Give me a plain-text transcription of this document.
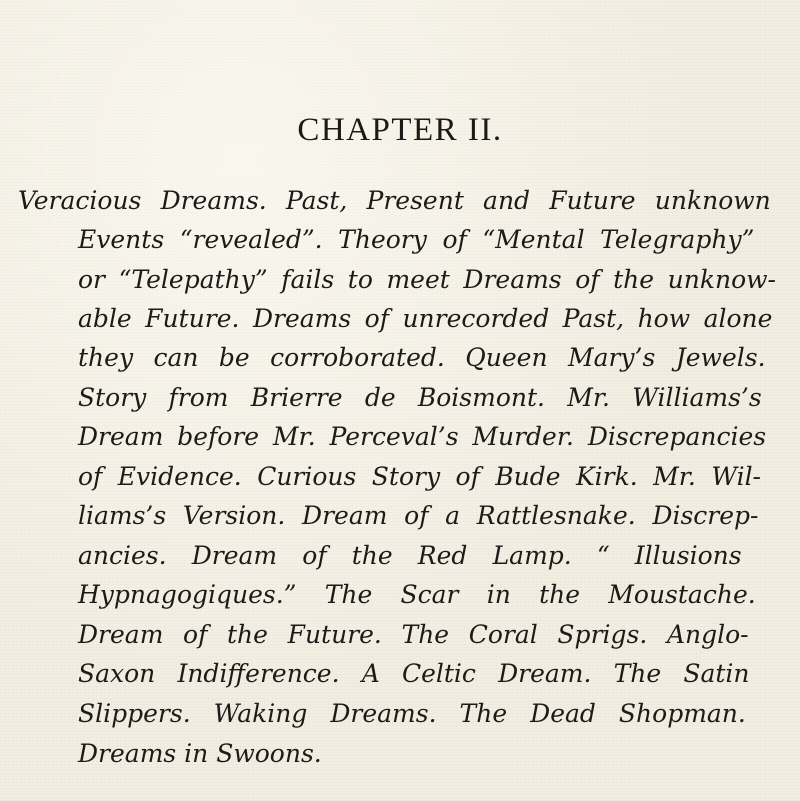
CHAPTER II.
Veracious Dreams. Past, Present and Future unknown
Events “revealed”. Theory of “Mental Telegraphy”
or “Telepathy” fails to meet Dreams of the unknow-
able Future. Dreams of unrecorded Past, how alone
they can be corroborated. Queen Mary’s Jewels.
Story from Brierre de Boismont. Mr. Williams’s
Dream before Mr. Perceval’s Murder. Discrepancies
of Evidence. Curious Story of Bude Kirk. Mr. Wil-
liams’s Version. Dream of a Rattlesnake. Discrep-
ancies. Dream of the Red Lamp. “ Illusions
Hypnagogiques.” The Scar in the Moustache.
Dream of the Future. The Coral Sprigs. Anglo-
Saxon Indifference. A Celtic Dream. The Satin
Slippers. Waking Dreams. The Dead Shopman.
Dreams in Swoons.
